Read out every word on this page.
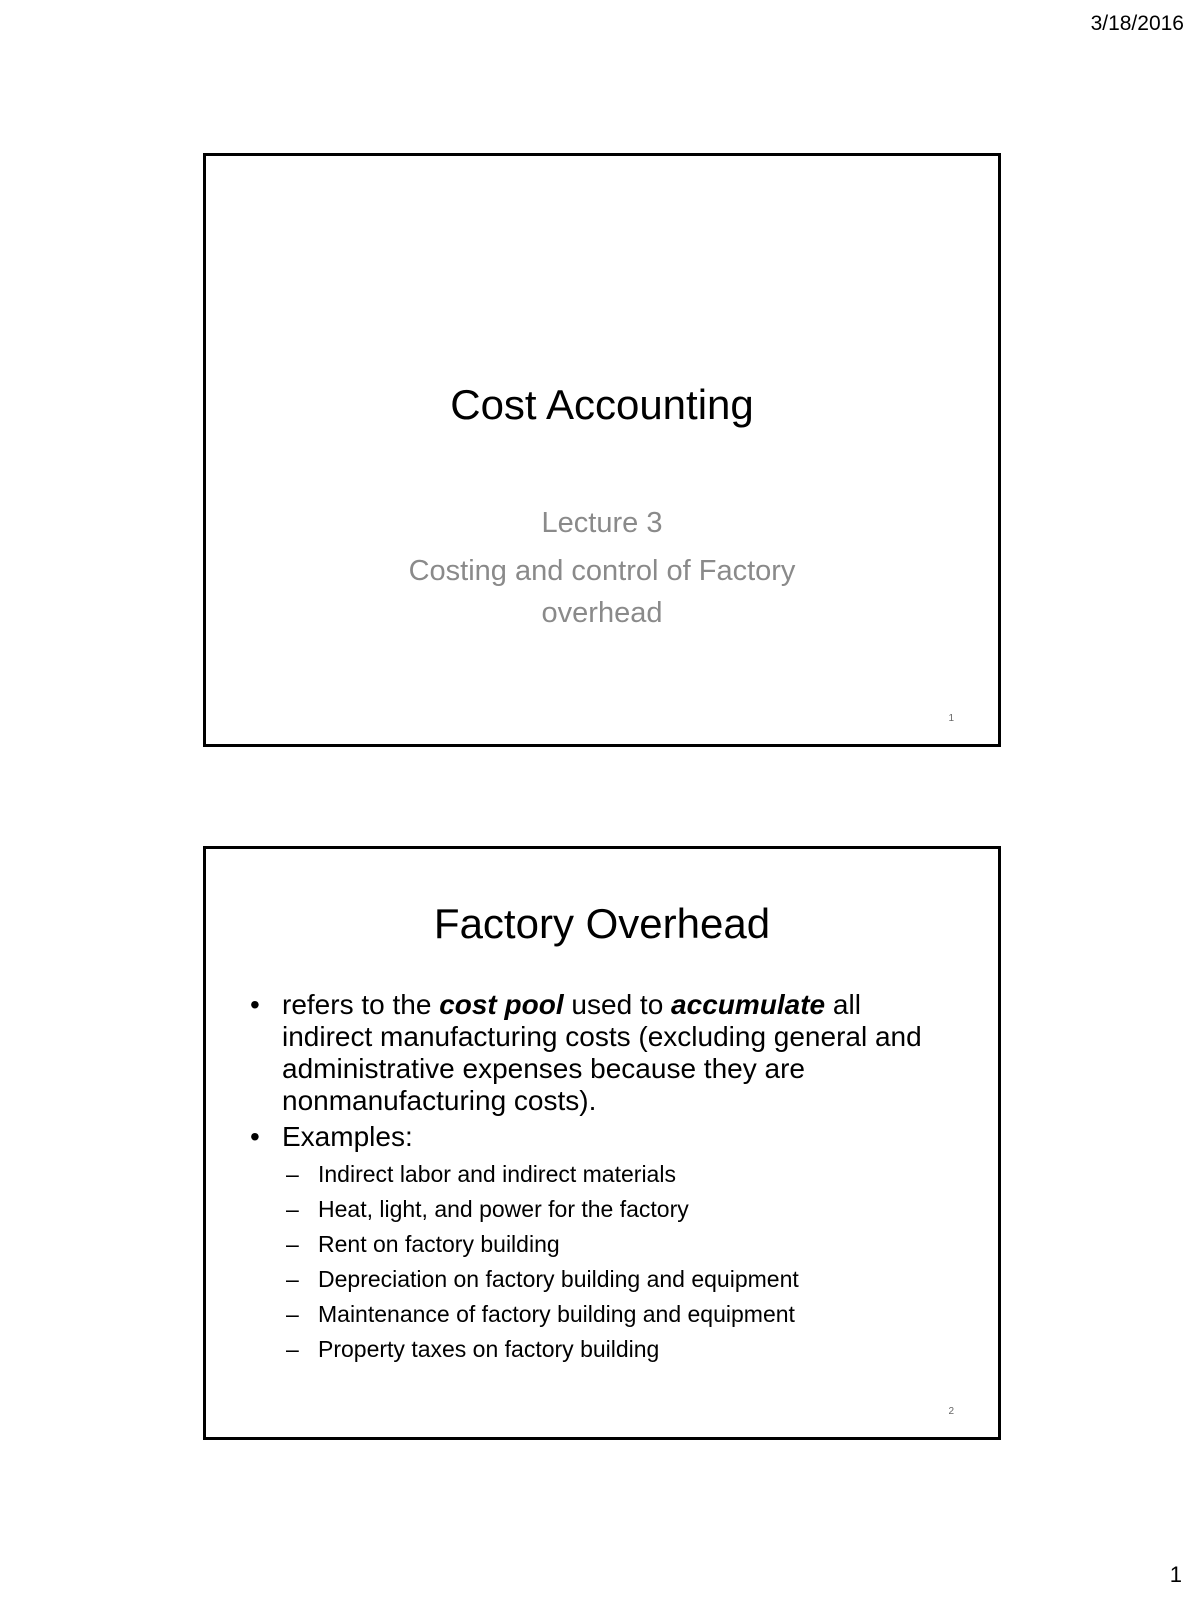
3/18/2016
Cost Accounting
Lecture 3
Costing and control of Factory overhead
1
Factory Overhead
• refers to the cost pool used to accumulate all indirect manufacturing costs (excluding general and administrative expenses because they are nonmanufacturing costs).
• Examples:
– Indirect labor and indirect materials
– Heat, light, and power for the factory
– Rent on factory building
– Depreciation on factory building and equipment
– Maintenance of factory building and equipment
– Property taxes on factory building
2
1
